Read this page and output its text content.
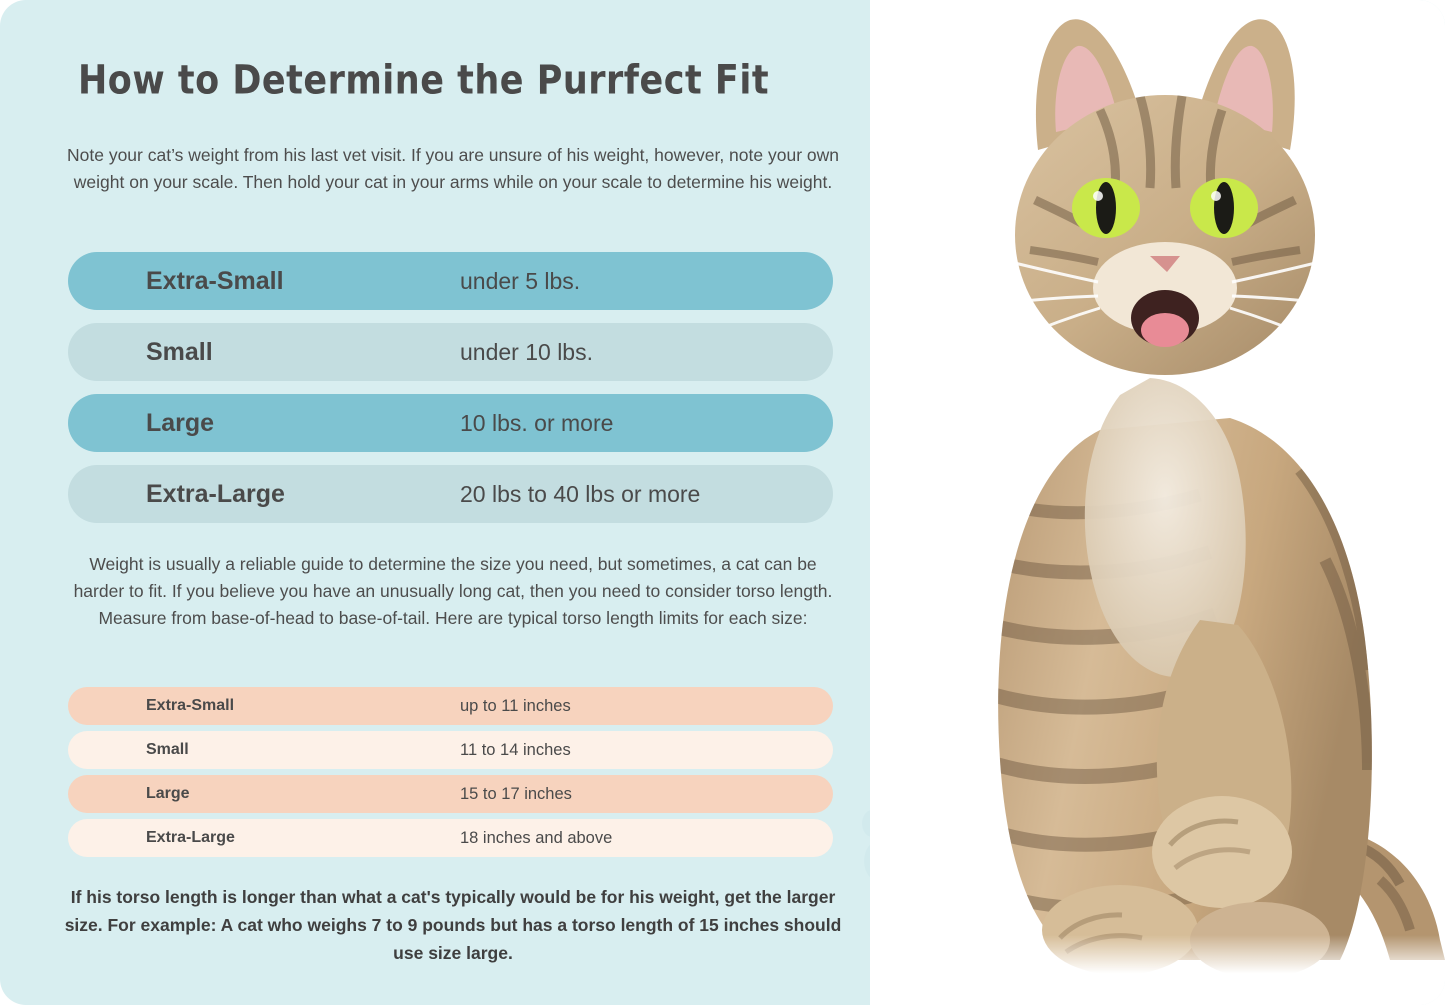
How to Determine the Purrfect Fit
Note your cat’s weight from his last vet visit. If you are unsure of his weight, however, note your own weight on your scale. Then hold your cat in your arms while on your scale to determine his weight.
Extra-Small	under 5 lbs.
Small	under 10 lbs.
Large	10 lbs. or more
Extra-Large	20 lbs to 40 lbs or more
Weight is usually a reliable guide to determine the size you need, but sometimes, a cat can be harder to fit. If you believe you have an unusually long cat, then you need to consider torso length. Measure from base-of-head to base-of-tail. Here are typical torso length limits for each size:
Extra-Small	up to 11 inches
Small	11 to 14 inches
Large	15 to 17 inches
Extra-Large	18 inches and above
If his torso length is longer than what a cat's typically would be for his weight, get the larger size. For example: A cat who weighs 7 to 9 pounds but has a torso length of 15 inches should use size large.
